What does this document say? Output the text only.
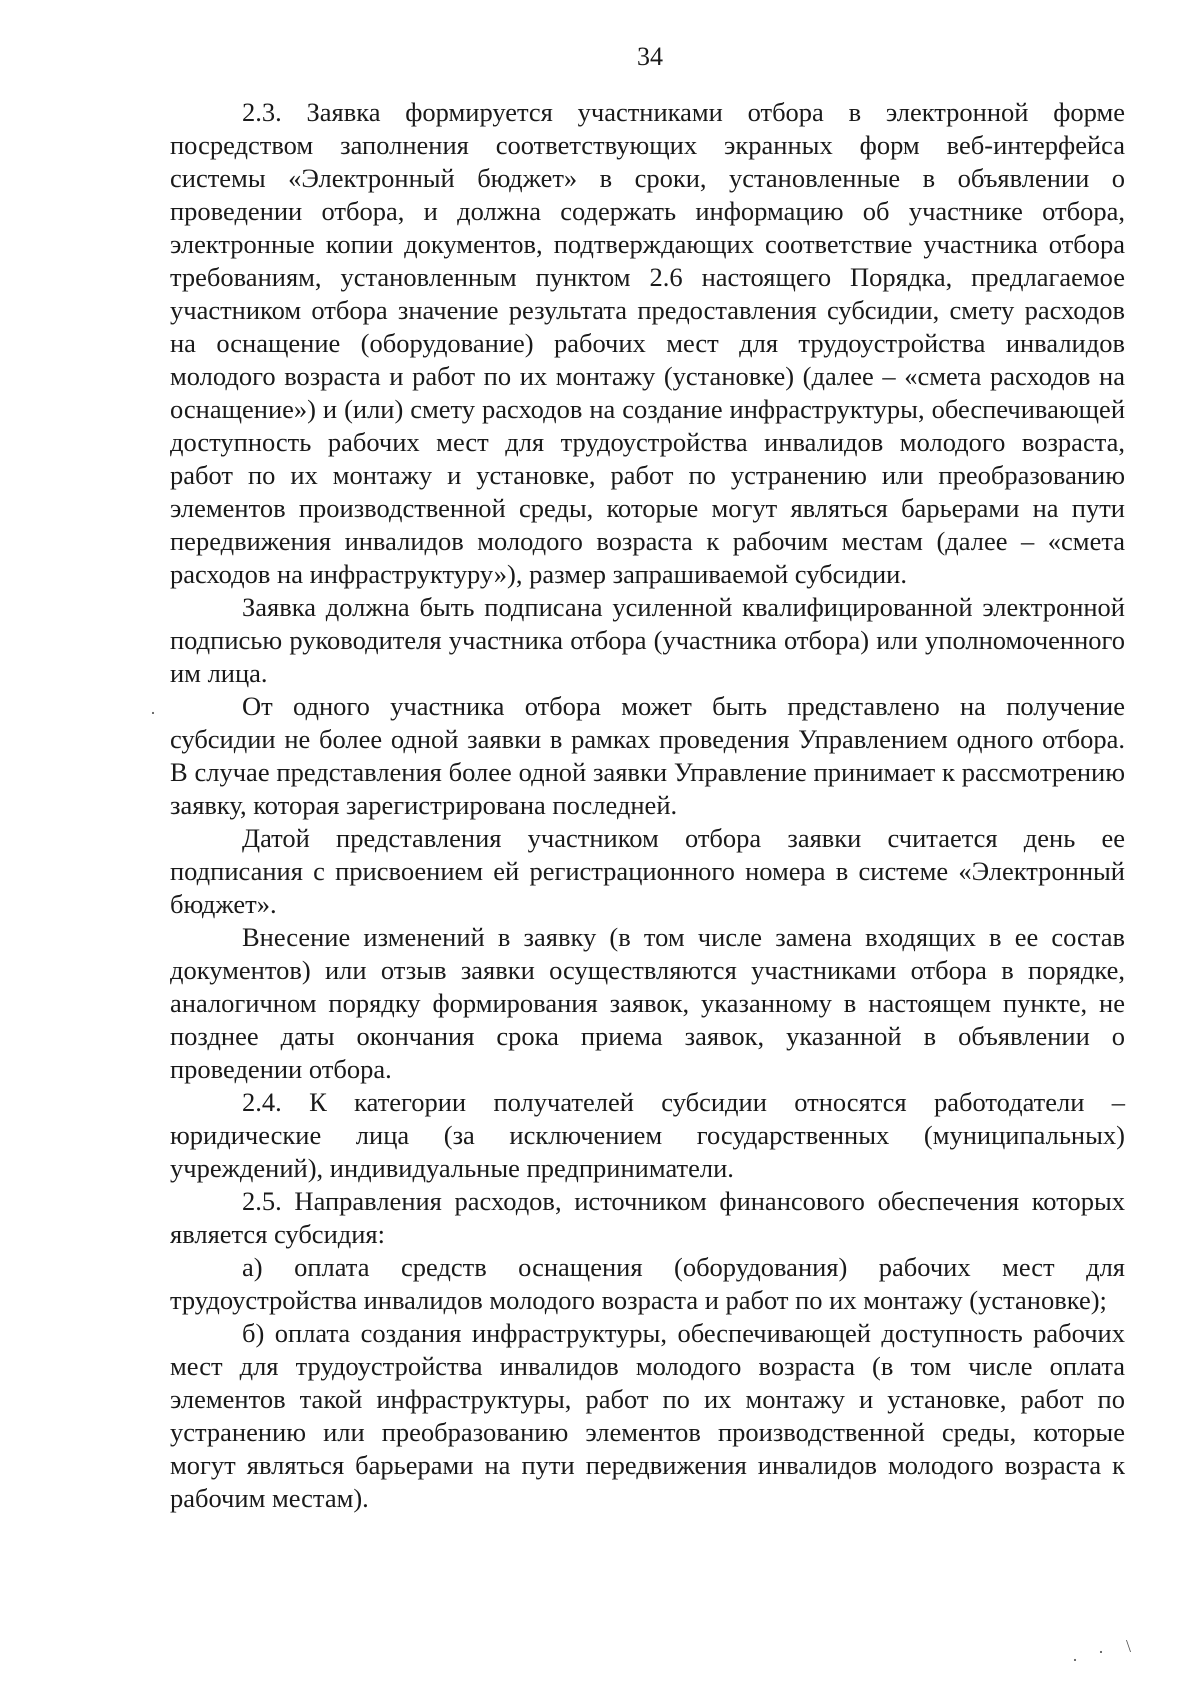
34

2.3. Заявка формируется участниками отбора в электронной форме посредством заполнения соответствующих экранных форм веб-интерфейса системы «Электронный бюджет» в сроки, установленные в объявлении о проведении отбора, и должна содержать информацию об участнике отбора, электронные копии документов, подтверждающих соответствие участника отбора требованиям, установленным пунктом 2.6 настоящего Порядка, предлагаемое участником отбора значение результата предоставления субсидии, смету расходов на оснащение (оборудование) рабочих мест для трудоустройства инвалидов молодого возраста и работ по их монтажу (установке) (далее – «смета расходов на оснащение») и (или) смету расходов на создание инфраструктуры, обеспечивающей доступность рабочих мест для трудоустройства инвалидов молодого возраста, работ по их монтажу и установке, работ по устранению или преобразованию элементов производственной среды, которые могут являться барьерами на пути передвижения инвалидов молодого возраста к рабочим местам (далее – «смета расходов на инфраструктуру»), размер запрашиваемой субсидии.

Заявка должна быть подписана усиленной квалифицированной электронной подписью руководителя участника отбора (участника отбора) или уполномоченного им лица.

От одного участника отбора может быть представлено на получение субсидии не более одной заявки в рамках проведения Управлением одного отбора. В случае представления более одной заявки Управление принимает к рассмотрению заявку, которая зарегистрирована последней.

Датой представления участником отбора заявки считается день ее подписания с присвоением ей регистрационного номера в системе «Электронный бюджет».

Внесение изменений в заявку (в том числе замена входящих в ее состав документов) или отзыв заявки осуществляются участниками отбора в порядке, аналогичном порядку формирования заявок, указанному в настоящем пункте, не позднее даты окончания срока приема заявок, указанной в объявлении о проведении отбора.

2.4. К категории получателей субсидии относятся работодатели – юридические лица (за исключением государственных (муниципальных) учреждений), индивидуальные предприниматели.

2.5. Направления расходов, источником финансового обеспечения которых является субсидия:

а) оплата средств оснащения (оборудования) рабочих мест для трудоустройства инвалидов молодого возраста и работ по их монтажу (установке);

б) оплата создания инфраструктуры, обеспечивающей доступность рабочих мест для трудоустройства инвалидов молодого возраста (в том числе оплата элементов такой инфраструктуры, работ по их монтажу и установке, работ по устранению или преобразованию элементов производственной среды, которые могут являться барьерами на пути передвижения инвалидов молодого возраста к рабочим местам).

·
· · \
